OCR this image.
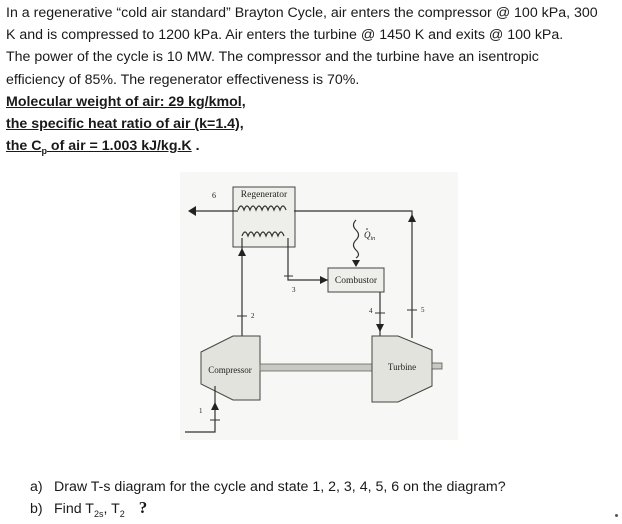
In a regenerative “cold air standard” Brayton Cycle, air enters the compressor @ 100 kPa, 300

K and is compressed to 1200 kPa. Air enters the turbine @ 1450 K and exits @ 100 kPa.

The power of the cycle is 10 MW. The compressor and the turbine have an isentropic

efficiency of 85%. The regenerator effectiveness is 70%.

Molecular weight of air: 29 kg/kmol,

the specific heat ratio of air (k=1.4),

the $C_p$ of air = 1.003 kJ/kg.K .

Regenerator
6
5
2
3
Combustor
$Q_{in}$
4
Compressor	Turbine
1
a) Draw T-s diagram for the cycle and state 1, 2, 3, 4, 5, 6 on the diagram?
b) Find $T_{2s}$, $T_2$ ?
